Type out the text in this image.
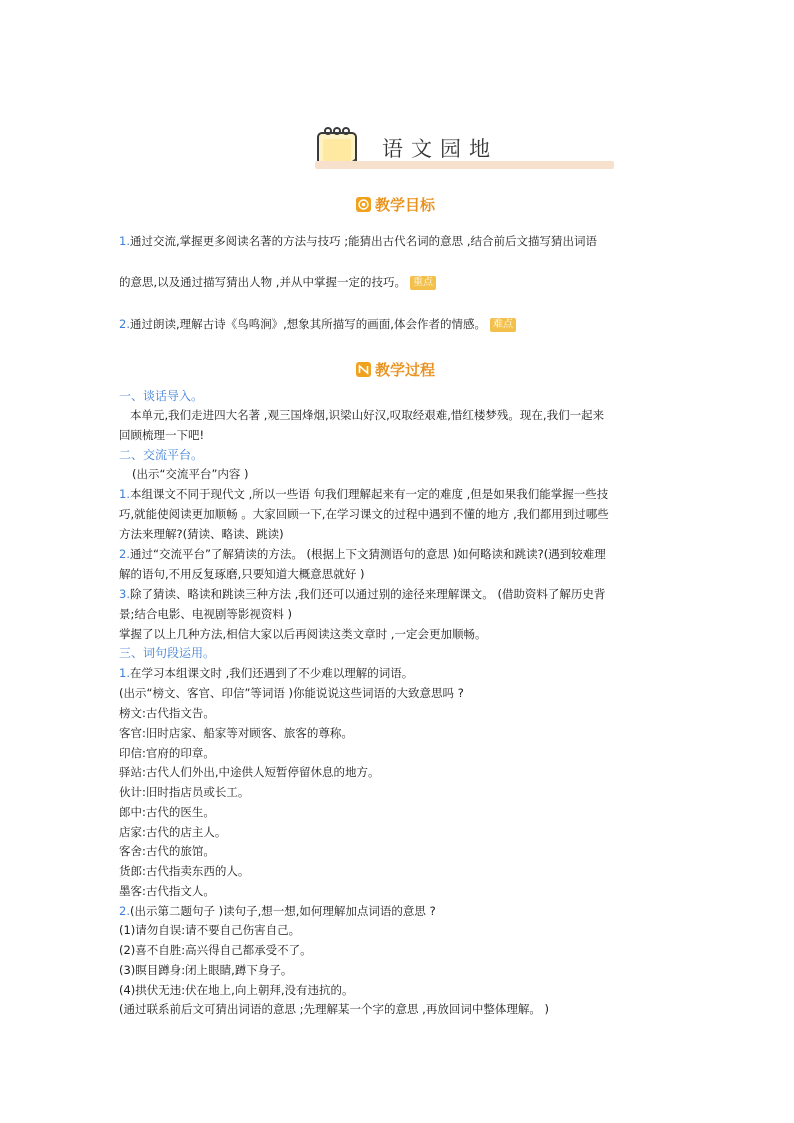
语文园地
教学目标
1.通过交流,掌握更多阅读名著的方法与技巧 ;能猜出古代名词的意思 ,结合前后文描写猜出词语
的意思,以及通过描写猜出人物 ,并从中掌握一定的技巧。 重点
2.通过朗读,理解古诗《鸟鸣涧》,想象其所描写的画面,体会作者的情感。 难点
教学过程
一、谈话导入。
本单元,我们走进四大名著 ,观三国烽烟,识梁山好汉,叹取经艰难,惜红楼梦残。现在,我们一起来
回顾梳理一下吧!
二、交流平台。
(出示“交流平台”内容 )
1.本组课文不同于现代文 ,所以一些语 句我们理解起来有一定的难度 ,但是如果我们能掌握一些技
巧,就能使阅读更加顺畅 。大家回顾一下,在学习课文的过程中遇到不懂的地方 ,我们都用到过哪些
方法来理解?(猜读、略读、跳读)
2.通过“交流平台”了解猜读的方法。 (根据上下文猜测语句的意思 )如何略读和跳读?(遇到较难理
解的语句,不用反复琢磨,只要知道大概意思就好 )
3.除了猜读、略读和跳读三种方法 ,我们还可以通过别的途径来理解课文。 (借助资料了解历史背
景;结合电影、电视剧等影视资料 )
掌握了以上几种方法,相信大家以后再阅读这类文章时 ,一定会更加顺畅。
三、词句段运用。
1.在学习本组课文时 ,我们还遇到了不少难以理解的词语。
(出示“榜文、客官、印信”等词语 )你能说说这些词语的大致意思吗 ?
榜文:古代指文告。
客官:旧时店家、船家等对顾客、旅客的尊称。
印信:官府的印章。
驿站:古代人们外出,中途供人短暂停留休息的地方。
伙计:旧时指店员或长工。
郎中:古代的医生。
店家:古代的店主人。
客舍:古代的旅馆。
货郎:古代指卖东西的人。
墨客:古代指文人。
2.(出示第二题句子 )读句子,想一想,如何理解加点词语的意思 ?
(1)请勿自误:请不要自己伤害自己。
(2)喜不自胜:高兴得自己都承受不了。
(3)瞑目蹲身:闭上眼睛,蹲下身子。
(4)拱伏无违:伏在地上,向上朝拜,没有违抗的。
(通过联系前后文可猜出词语的意思 ;先理解某一个字的意思 ,再放回词中整体理解。 )
